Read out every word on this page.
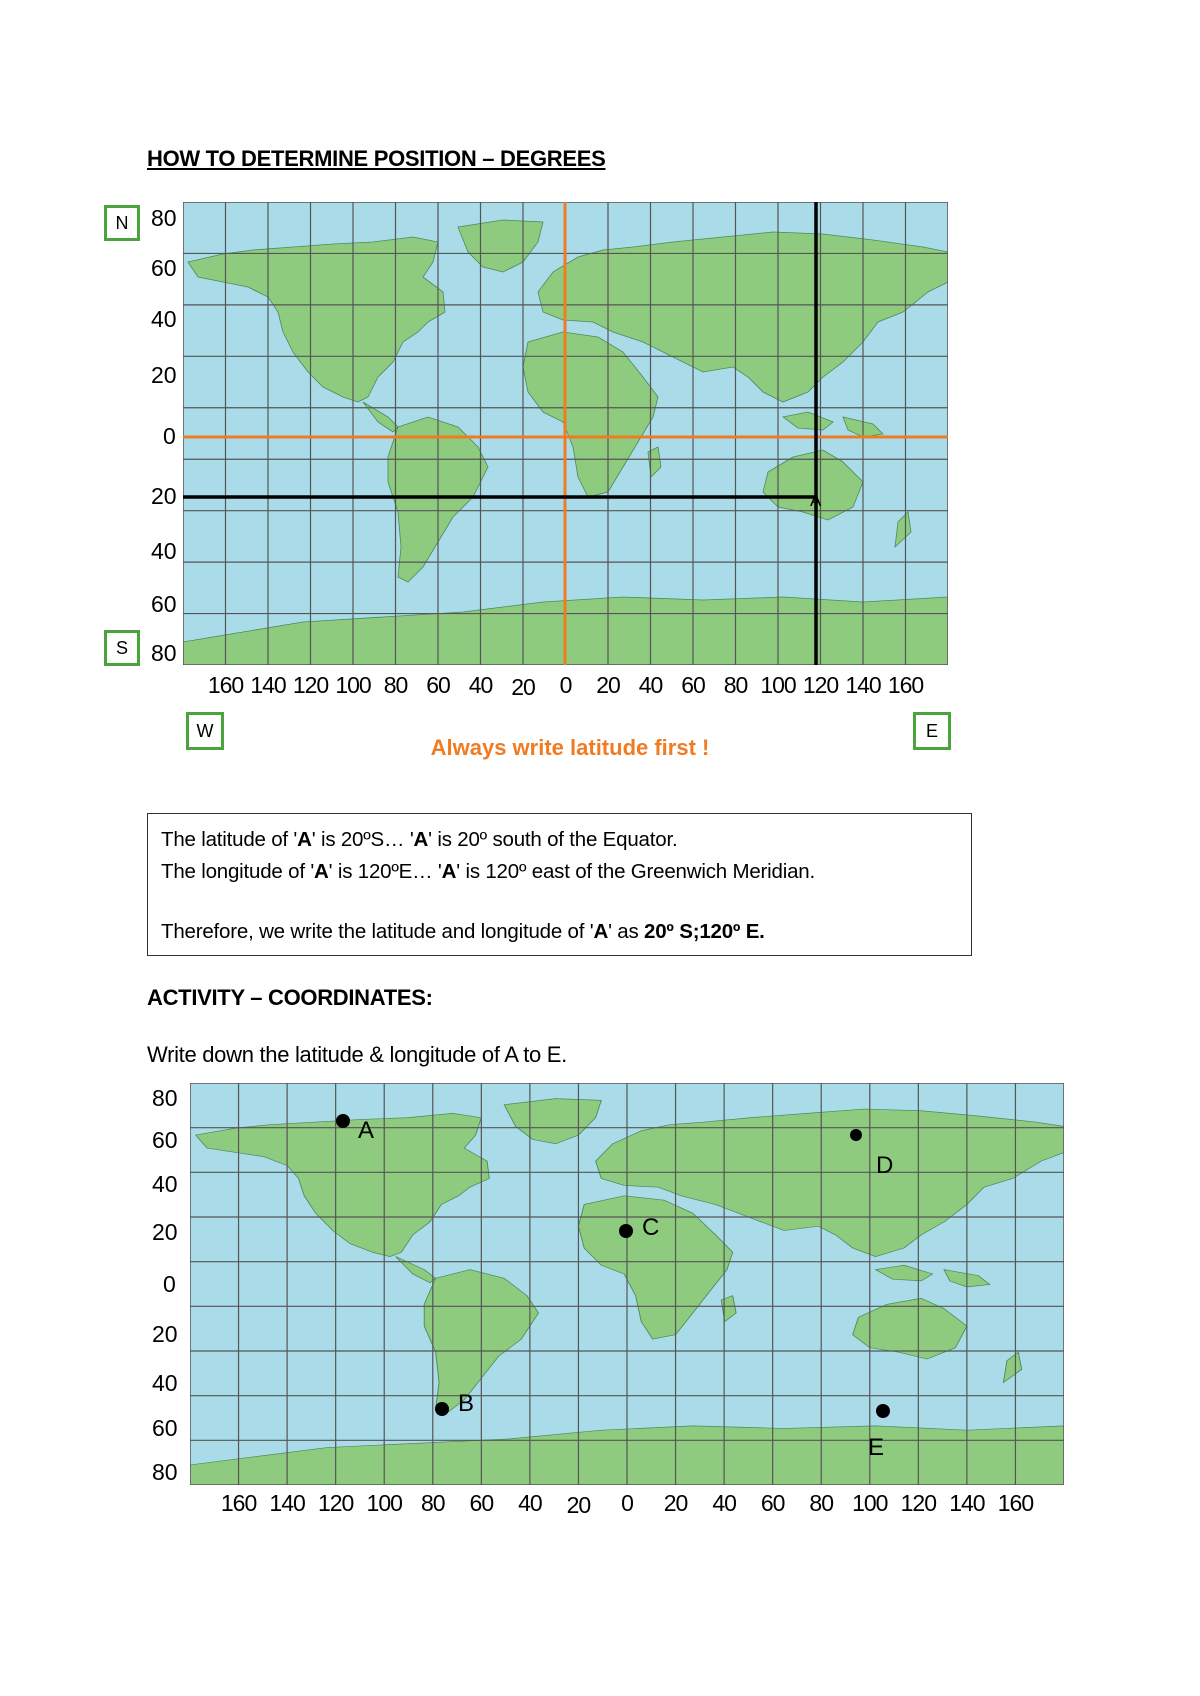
HOW TO DETERMINE POSITION – DEGREES
A
80
60
40
20
0
20
40
60
80
160 140 120 100 80 60 40 20	0	20 40 60 80 100 120 140 160
N
S
W	E
Always write latitude first !

The latitude of 'A' is 20ºS… 'A' is 20º south of the Equator.

The longitude of 'A' is 120ºE… 'A' is 120º east of the Greenwich Meridian.

Therefore, we write the latitude and longitude of 'A' as 20º S;120º E.

ACTIVITY – COORDINATES:
Write down the latitude & longitude of A to E.
A
B
C
D
E
80
60
40
20
0
20
40
60
80
160 140 120 100 80	60	40	20	0	20	40	60	80 100 120 140 160
